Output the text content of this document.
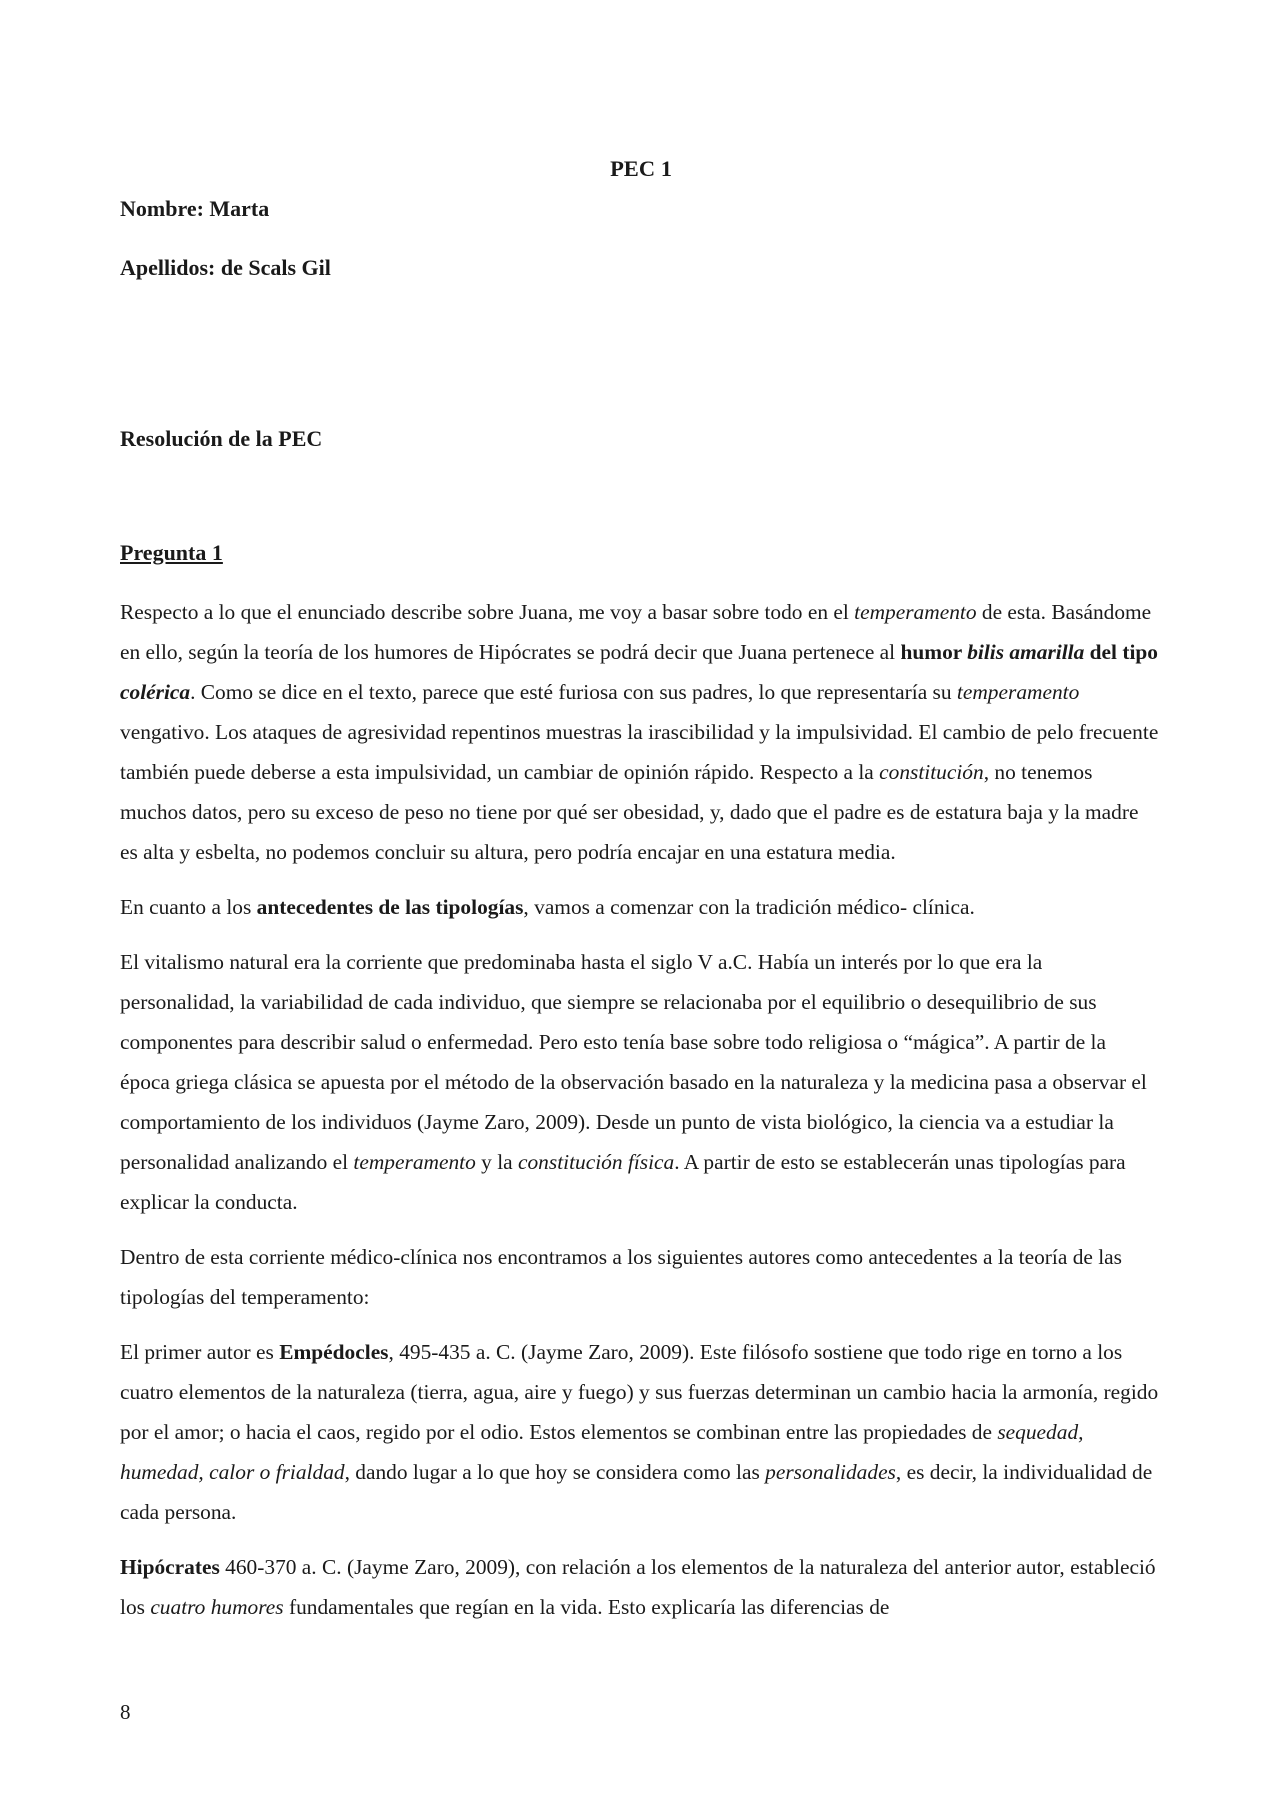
PEC 1

Nombre: Marta

Apellidos: de Scals Gil

Resolución de la PEC

Pregunta 1

Respecto a lo que el enunciado describe sobre Juana, me voy a basar sobre todo en el temperamento de esta. Basándome en ello, según la teoría de los humores de Hipócrates se podrá decir que Juana pertenece al humor bilis amarilla del tipo colérica. Como se dice en el texto, parece que esté furiosa con sus padres, lo que representaría su temperamento vengativo. Los ataques de agresividad repentinos muestras la irascibilidad y la impulsividad. El cambio de pelo frecuente también puede deberse a esta impulsividad, un cambiar de opinión rápido. Respecto a la constitución, no tenemos muchos datos, pero su exceso de peso no tiene por qué ser obesidad, y, dado que el padre es de estatura baja y la madre es alta y esbelta, no podemos concluir su altura, pero podría encajar en una estatura media.

En cuanto a los antecedentes de las tipologías, vamos a comenzar con la tradición médico- clínica.

El vitalismo natural era la corriente que predominaba hasta el siglo V a.C. Había un interés por lo que era la personalidad, la variabilidad de cada individuo, que siempre se relacionaba por el equilibrio o desequilibrio de sus componentes para describir salud o enfermedad. Pero esto tenía base sobre todo religiosa o “mágica”. A partir de la época griega clásica se apuesta por el método de la observación basado en la naturaleza y la medicina pasa a observar el comportamiento de los individuos (Jayme Zaro, 2009). Desde un punto de vista biológico, la ciencia va a estudiar la personalidad analizando el temperamento y la constitución física. A partir de esto se establecerán unas tipologías para explicar la conducta.

Dentro de esta corriente médico-clínica nos encontramos a los siguientes autores como antecedentes a la teoría de las tipologías del temperamento:

El primer autor es Empédocles, 495-435 a. C. (Jayme Zaro, 2009). Este filósofo sostiene que todo rige en torno a los cuatro elementos de la naturaleza (tierra, agua, aire y fuego) y sus fuerzas determinan un cambio hacia la armonía, regido por el amor; o hacia el caos, regido por el odio. Estos elementos se combinan entre las propiedades de sequedad, humedad, calor o frialdad, dando lugar a lo que hoy se considera como las personalidades, es decir, la individualidad de cada persona.

Hipócrates 460-370 a. C. (Jayme Zaro, 2009), con relación a los elementos de la naturaleza del anterior autor, estableció los cuatro humores fundamentales que regían en la vida. Esto explicaría las diferencias de

8
